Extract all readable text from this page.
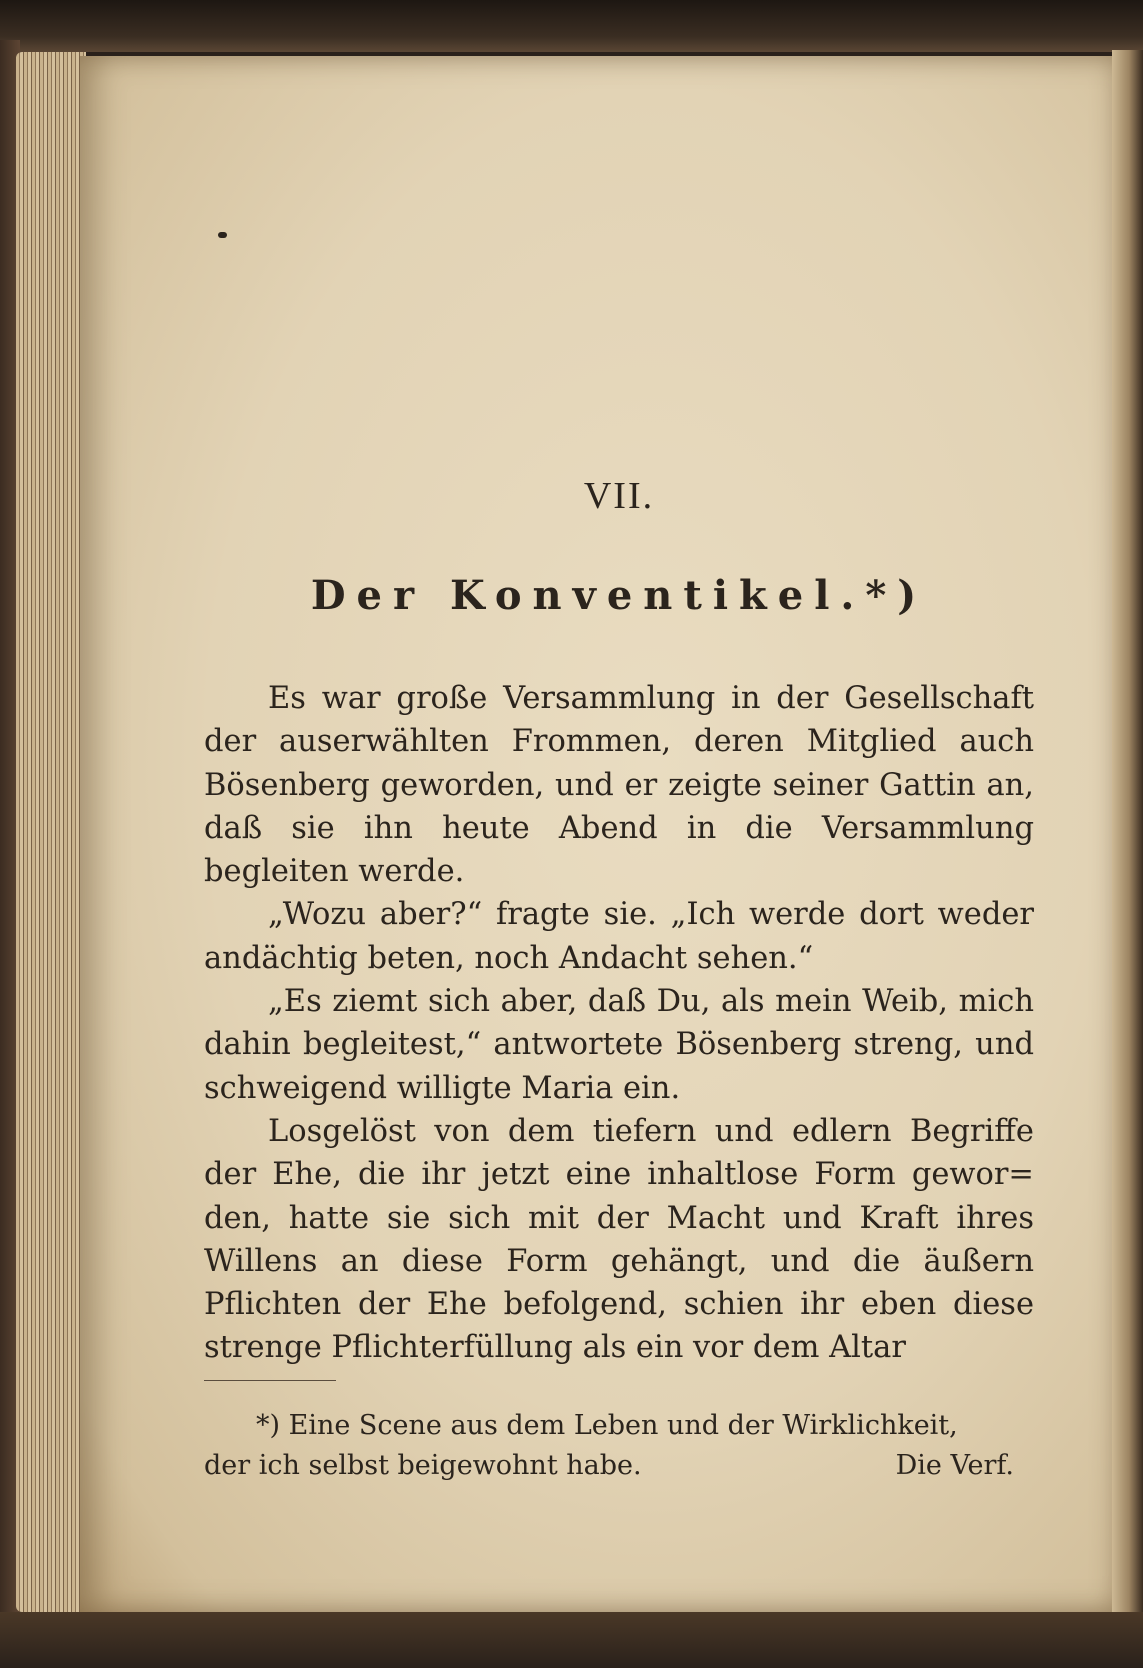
VII.
Der Konventikel.*)

Es war große Versammlung in der Gesellschaft der auserwählten Frommen, deren Mitglied auch Bösenberg geworden, und er zeigte seiner Gattin an, daß sie ihn heute Abend in die Versammlung begleiten werde.

„Wozu aber?“ fragte sie. „Ich werde dort weder andächtig beten, noch Andacht sehen.“

„Es ziemt sich aber, daß Du, als mein Weib, mich dahin begleitest,“ antwortete Bösenberg streng, und schweigend willigte Maria ein.

Losgelöst von dem tiefern und edlern Begriffe der Ehe, die ihr jetzt eine inhaltlose Form gewor= den, hatte sie sich mit der Macht und Kraft ihres Willens an diese Form gehängt, und die äußern Pflichten der Ehe befolgend, schien ihr eben diese strenge Pflichterfüllung als ein vor dem Altar

*) Eine Scene aus dem Leben und der Wirklichkeit,
der ich selbst beigewohnt habe.	Die Verf.
